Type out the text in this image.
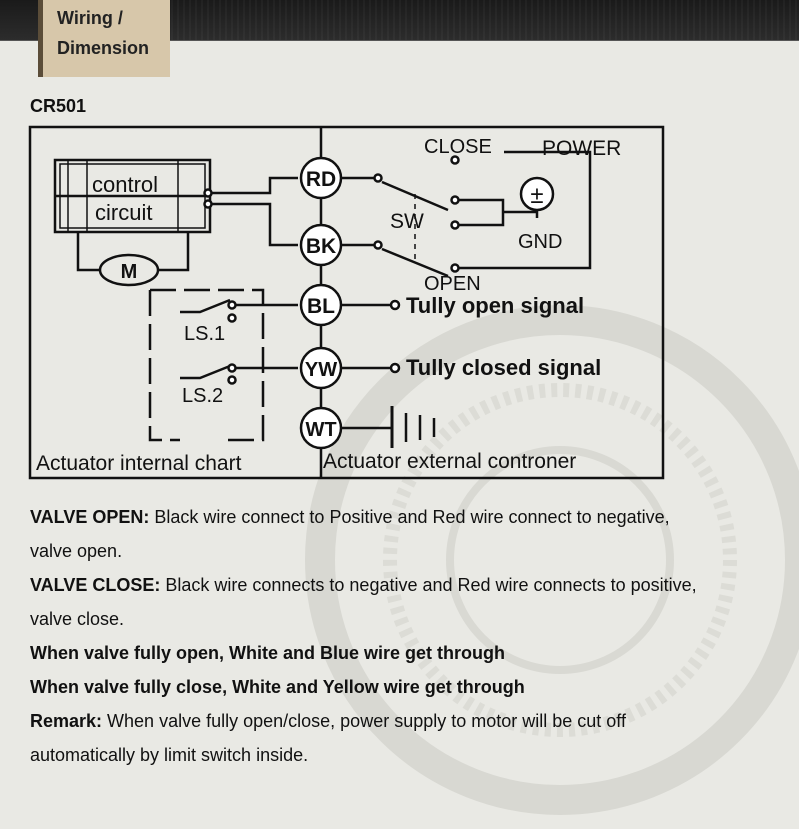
Wiring /
Dimension
CR501
control
circuit
M
LS.1
LS.2
RD
BK
BL
YW
WT
CLOSE POWER
±
SW
GND
OPEN
Tully open signal
Tully closed signal
Actuator internal chart	Actuator external controner

VALVE OPEN: Black wire connect to Positive and Red wire connect to negative,

valve open.

VALVE CLOSE: Black wire connects to negative and Red wire connects to positive,

valve close.

When valve fully open, White and Blue wire get through

When valve fully close, White and Yellow wire get through

Remark: When valve fully open/close, power supply to motor will be cut off

automatically by limit switch inside.
